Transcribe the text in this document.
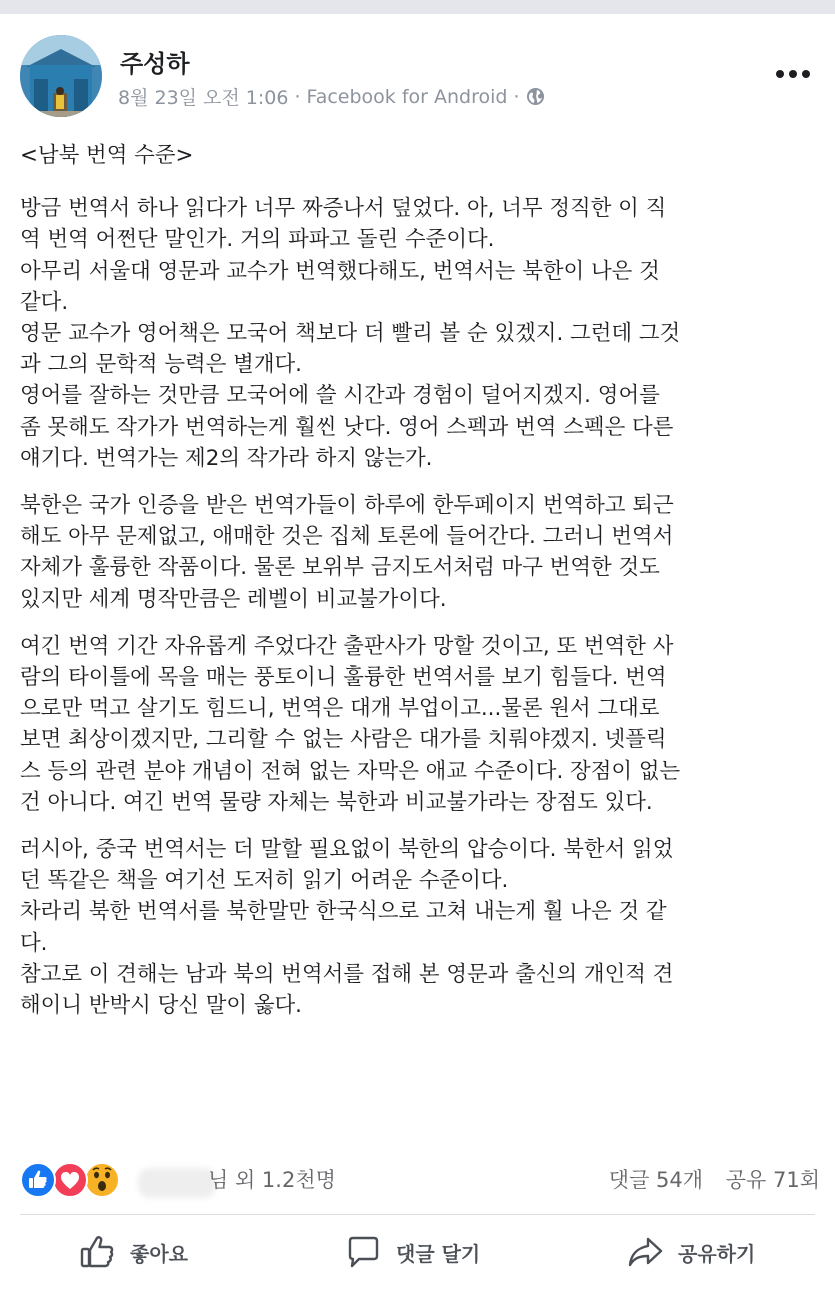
주성하
8월 23일 오전 1:06 · Facebook for Android ·

<남북 번역 수준>

방금 번역서 하나 읽다가 너무 짜증나서 덮었다. 아, 너무 정직한 이 직
역 번역 어쩐단 말인가. 거의 파파고 돌린 수준이다.
아무리 서울대 영문과 교수가 번역했다해도, 번역서는 북한이 나은 것
같다.
영문 교수가 영어책은 모국어 책보다 더 빨리 볼 순 있겠지. 그런데 그것
과 그의 문학적 능력은 별개다.
영어를 잘하는 것만큼 모국어에 쓸 시간과 경험이 덜어지겠지. 영어를
좀 못해도 작가가 번역하는게 훨씬 낫다. 영어 스펙과 번역 스펙은 다른
얘기다. 번역가는 제2의 작가라 하지 않는가.

북한은 국가 인증을 받은 번역가들이 하루에 한두페이지 번역하고 퇴근
해도 아무 문제없고, 애매한 것은 집체 토론에 들어간다. 그러니 번역서
자체가 훌륭한 작품이다. 물론 보위부 금지도서처럼 마구 번역한 것도
있지만 세계 명작만큼은 레벨이 비교불가이다.

여긴 번역 기간 자유롭게 주었다간 출판사가 망할 것이고, 또 번역한 사
람의 타이틀에 목을 매는 풍토이니 훌륭한 번역서를 보기 힘들다. 번역
으로만 먹고 살기도 힘드니, 번역은 대개 부업이고...물론 원서 그대로
보면 최상이겠지만, 그리할 수 없는 사람은 대가를 치뤄야겠지. 넷플릭
스 등의 관련 분야 개념이 전혀 없는 자막은 애교 수준이다. 장점이 없는
건 아니다. 여긴 번역 물량 자체는 북한과 비교불가라는 장점도 있다.

러시아, 중국 번역서는 더 말할 필요없이 북한의 압승이다. 북한서 읽었
던 똑같은 책을 여기선 도저히 읽기 어려운 수준이다.
차라리 북한 번역서를 북한말만 한국식으로 고쳐 내는게 훨 나은 것 같
다.
참고로 이 견해는 남과 북의 번역서를 접해 본 영문과 출신의 개인적 견
해이니 반박시 당신 말이 옳다.

님 외 1.2천명	댓글 54개 공유 71회
좋아요	댓글 달기	공유하기
